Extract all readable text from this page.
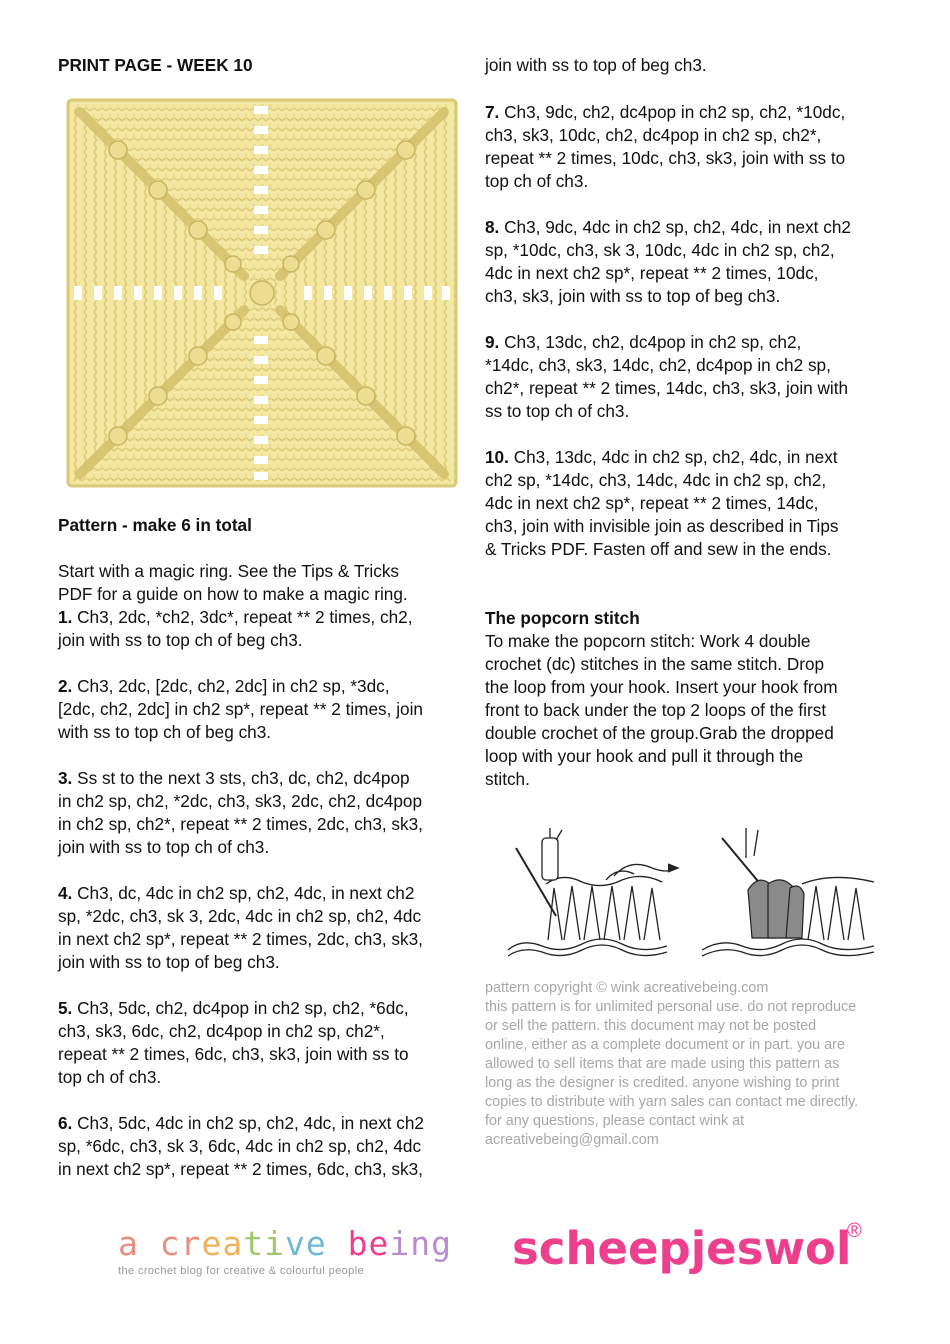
PRINT PAGE - WEEK 10
Pattern - make 6 in total
Start with a magic ring. See the Tips & Tricks
PDF for a guide on how to make a magic ring.
1. Ch3, 2dc, *ch2, 3dc*, repeat ** 2 times, ch2,
join with ss to top ch of beg ch3.
2. Ch3, 2dc, [2dc, ch2, 2dc] in ch2 sp, *3dc,
[2dc, ch2, 2dc] in ch2 sp*, repeat ** 2 times, join
with ss to top ch of beg ch3.
3. Ss st to the next 3 sts, ch3, dc, ch2, dc4pop
in ch2 sp, ch2, *2dc, ch3, sk3, 2dc, ch2, dc4pop
in ch2 sp, ch2*, repeat ** 2 times, 2dc, ch3, sk3,
join with ss to top ch of ch3.
4. Ch3, dc, 4dc in ch2 sp, ch2, 4dc, in next ch2
sp, *2dc, ch3, sk 3, 2dc, 4dc in ch2 sp, ch2, 4dc
in next ch2 sp*, repeat ** 2 times, 2dc, ch3, sk3,
join with ss to top of beg ch3.
5. Ch3, 5dc, ch2, dc4pop in ch2 sp, ch2, *6dc,
ch3, sk3, 6dc, ch2, dc4pop in ch2 sp, ch2*,
repeat ** 2 times, 6dc, ch3, sk3, join with ss to
top ch of ch3.
6. Ch3, 5dc, 4dc in ch2 sp, ch2, 4dc, in next ch2
sp, *6dc, ch3, sk 3, 6dc, 4dc in ch2 sp, ch2, 4dc
in next ch2 sp*, repeat ** 2 times, 6dc, ch3, sk3,
join with ss to top of beg ch3.
7. Ch3, 9dc, ch2, dc4pop in ch2 sp, ch2, *10dc,
ch3, sk3, 10dc, ch2, dc4pop in ch2 sp, ch2*,
repeat ** 2 times, 10dc, ch3, sk3, join with ss to
top ch of ch3.
8. Ch3, 9dc, 4dc in ch2 sp, ch2, 4dc, in next ch2
sp, *10dc, ch3, sk 3, 10dc, 4dc in ch2 sp, ch2,
4dc in next ch2 sp*, repeat ** 2 times, 10dc,
ch3, sk3, join with ss to top of beg ch3.
9. Ch3, 13dc, ch2, dc4pop in ch2 sp, ch2,
*14dc, ch3, sk3, 14dc, ch2, dc4pop in ch2 sp,
ch2*, repeat ** 2 times, 14dc, ch3, sk3, join with
ss to top ch of ch3.
10. Ch3, 13dc, 4dc in ch2 sp, ch2, 4dc, in next
ch2 sp, *14dc, ch3, 14dc, 4dc in ch2 sp, ch2,
4dc in next ch2 sp*, repeat ** 2 times, 14dc,
ch3, join with invisible join as described in Tips
& Tricks PDF. Fasten off and sew in the ends.
The popcorn stitch
To make the popcorn stitch: Work 4 double
crochet (dc) stitches in the same stitch. Drop
the loop from your hook. Insert your hook from
front to back under the top 2 loops of the first
double crochet of the group.Grab the dropped
loop with your hook and pull it through the
stitch.
pattern copyright © wink acreativebeing.com
this pattern is for unlimited personal use. do not reproduce
or sell the pattern. this document may not be posted
online, either as a complete document or in part. you are
allowed to sell items that are made using this pattern as
long as the designer is credited. anyone wishing to print
copies to distribute with yarn sales can contact me directly.
for any questions, please contact wink at
acreativebeing@gmail.com
a creative being
the crochet blog for creative & colourful people	scheepjeswol
®
